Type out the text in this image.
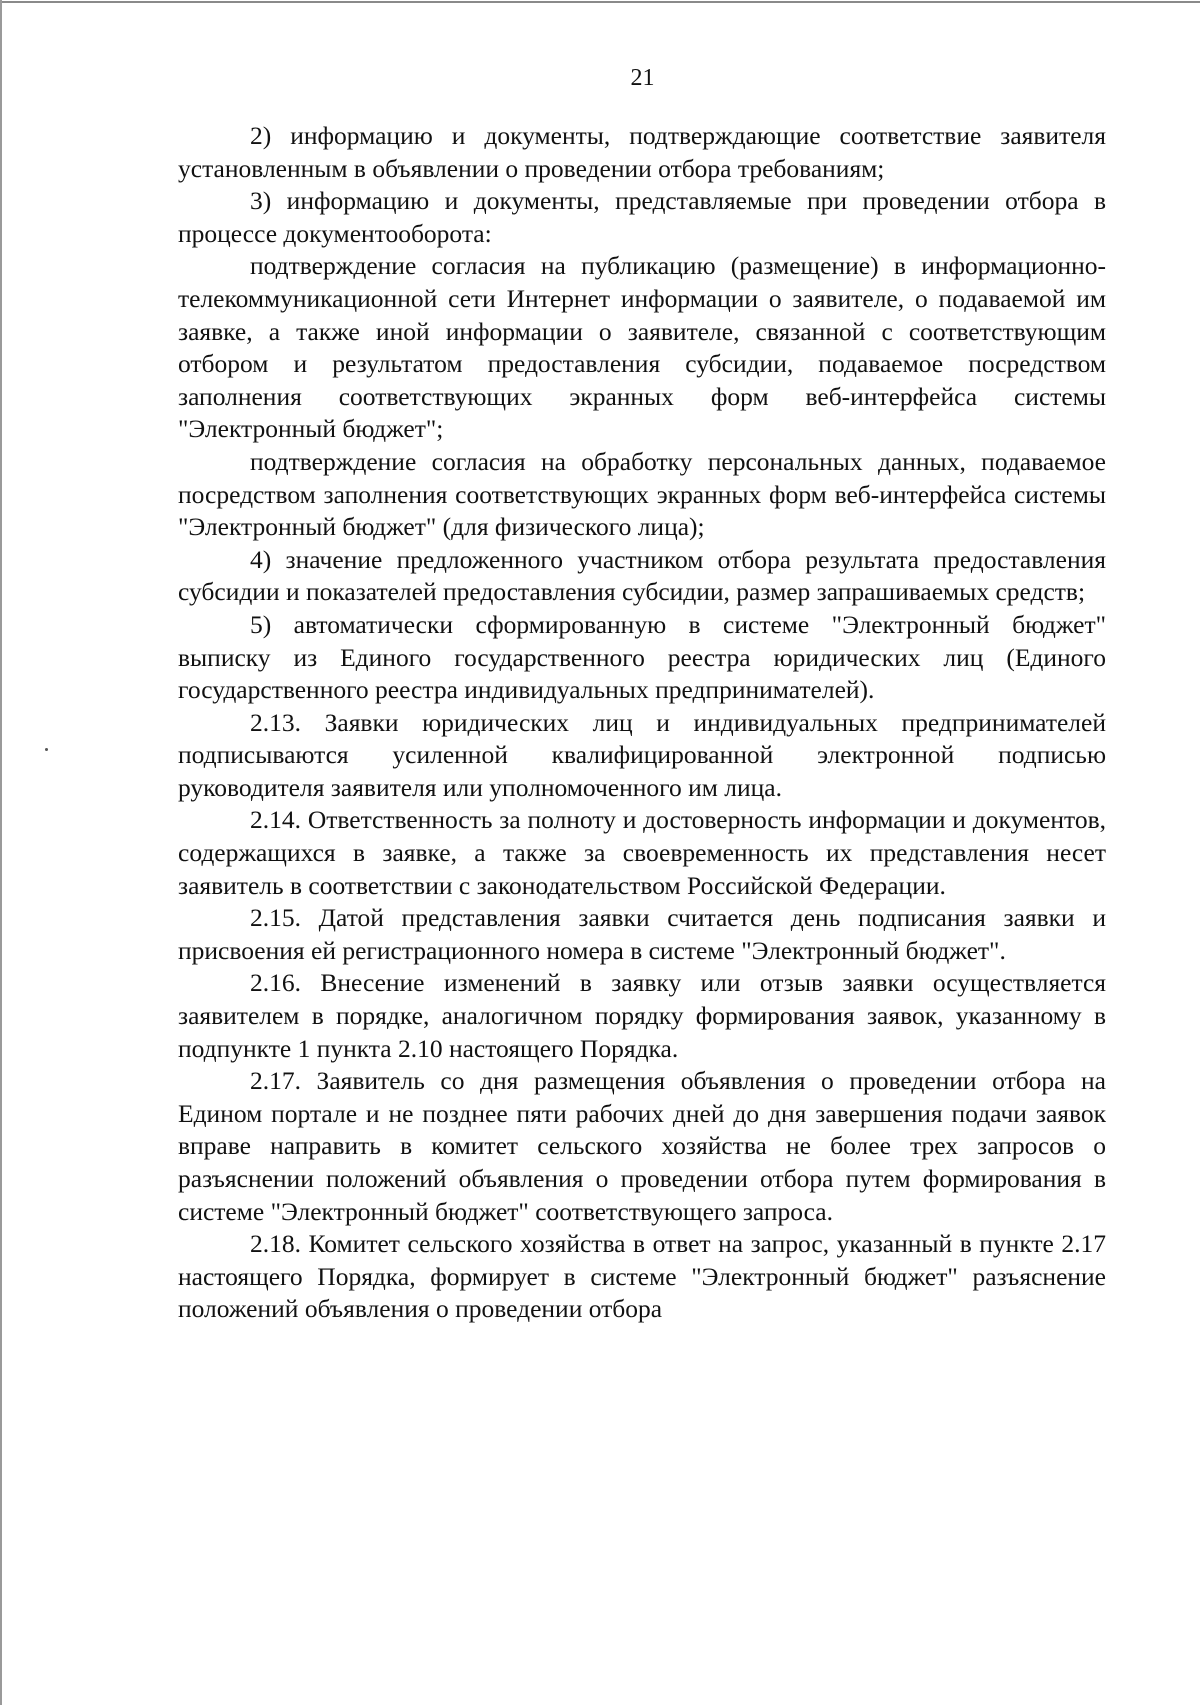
21

2) информацию и документы, подтверждающие соответствие заявителя установленным в объявлении о проведении отбора требованиям;

3) информацию и документы, представляемые при проведении отбора в процессе документооборота:

подтверждение согласия на публикацию (размещение) в информационно-телекоммуникационной сети Интернет информации о заявителе, о подаваемой им заявке, а также иной информации о заявителе, связанной с соответствующим отбором и результатом предоставления субсидии, подаваемое посредством заполнения соответствующих экранных форм веб-интерфейса системы "Электронный бюджет";

подтверждение согласия на обработку персональных данных, подаваемое посредством заполнения соответствующих экранных форм веб-интерфейса системы "Электронный бюджет" (для физического лица);

4) значение предложенного участником отбора результата предоставления субсидии и показателей предоставления субсидии, размер запрашиваемых средств;

5) автоматически сформированную в системе "Электронный бюджет" выписку из Единого государственного реестра юридических лиц (Единого государственного реестра индивидуальных предпринимателей).

2.13. Заявки юридических лиц и индивидуальных предпринимателей подписываются усиленной квалифицированной электронной подписью руководителя заявителя или уполномоченного им лица.

2.14. Ответственность за полноту и достоверность информации и документов, содержащихся в заявке, а также за своевременность их представления несет заявитель в соответствии с законодательством Российской Федерации.

2.15. Датой представления заявки считается день подписания заявки и присвоения ей регистрационного номера в системе "Электронный бюджет".

2.16. Внесение изменений в заявку или отзыв заявки осуществляется заявителем в порядке, аналогичном порядку формирования заявок, указанному в подпункте 1 пункта 2.10 настоящего Порядка.

2.17. Заявитель со дня размещения объявления о проведении отбора на Едином портале и не позднее пяти рабочих дней до дня завершения подачи заявок вправе направить в комитет сельского хозяйства не более трех запросов о разъяснении положений объявления о проведении отбора путем формирования в системе "Электронный бюджет" соответствующего запроса.

2.18. Комитет сельского хозяйства в ответ на запрос, указанный в пункте 2.17 настоящего Порядка, формирует в системе "Электронный бюджет" разъяснение положений объявления о проведении отбора
